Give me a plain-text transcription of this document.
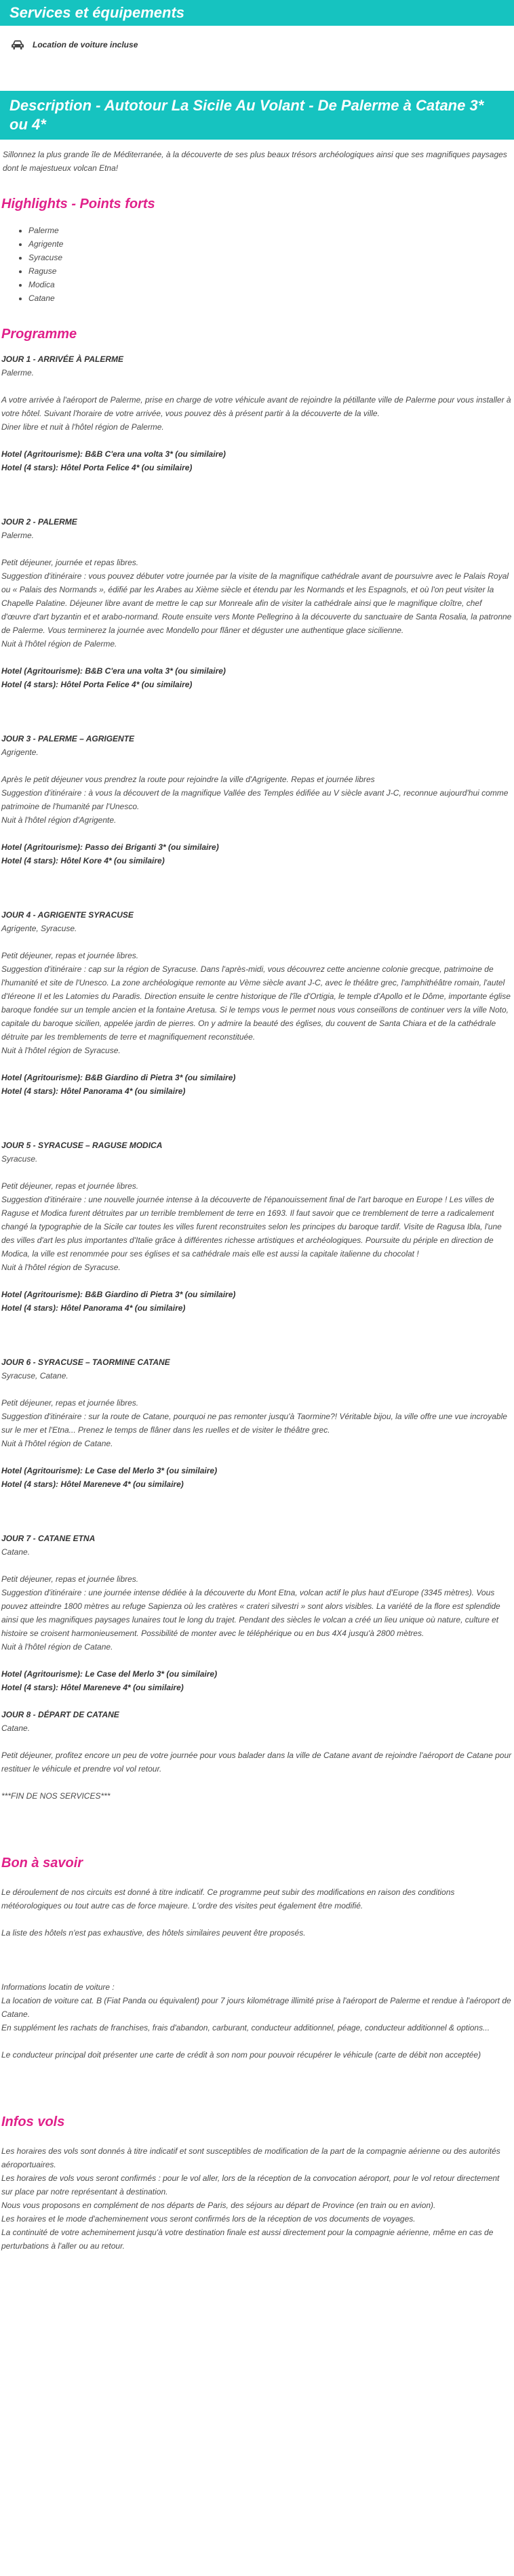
Services et équipements
Location de voiture incluse
Description - Autotour La Sicile Au Volant - De Palerme à Catane 3* ou 4*

Sillonnez la plus grande île de Méditerranée, à la découverte de ses plus beaux trésors archéologiques ainsi que ses magnifiques paysages dont le majestueux volcan Etna!

Highlights - Points forts
• Palerme
• Agrigente
• Syracuse
• Raguse
• Modica
• Catane
Programme

JOUR 1 - ARRIVÉE À PALERME

Palerme.

A votre arrivée à l'aéroport de Palerme, prise en charge de votre véhicule avant de rejoindre la pétillante ville de Palerme pour vous installer à votre hôtel. Suivant l'horaire de votre arrivée, vous pouvez dès à présent partir à la découverte de la ville.
Diner libre et nuit à l'hôtel région de Palerme.

Hotel (Agritourisme): B&B C'era una volta 3* (ou similaire)

Hotel (4 stars): Hôtel Porta Felice 4* (ou similaire)

JOUR 2 - PALERME

Palerme.

Petit déjeuner, journée et repas libres.
Suggestion d'itinéraire : vous pouvez débuter votre journée par la visite de la magnifique cathédrale avant de poursuivre avec le Palais Royal ou « Palais des Normands », édifié par les Arabes au Xième siècle et étendu par les Normands et les Espagnols, et où l'on peut visiter la Chapelle Palatine. Déjeuner libre avant de mettre le cap sur Monreale afin de visiter la cathédrale ainsi que le magnifique cloître, chef d'œuvre d'art byzantin et et arabo-normand. Route ensuite vers Monte Pellegrino à la découverte du sanctuaire de Santa Rosalia, la patronne de Palerme. Vous terminerez la journée avec Mondello pour flâner et déguster une authentique glace sicilienne.
Nuit à l'hôtel région de Palerme.

Hotel (Agritourisme): B&B C'era una volta 3* (ou similaire)

Hotel (4 stars): Hôtel Porta Felice 4* (ou similaire)

JOUR 3 - PALERME – AGRIGENTE

Agrigente.

Après le petit déjeuner vous prendrez la route pour rejoindre la ville d'Agrigente. Repas et journée libres
Suggestion d'itinéraire : à vous la découvert de la magnifique Vallée des Temples édifiée au V siècle avant J-C, reconnue aujourd'hui comme patrimoine de l'humanité par l'Unesco.
Nuit à l'hôtel région d'Agrigente.

Hotel (Agritourisme): Passo dei Briganti 3* (ou similaire)

Hotel (4 stars): Hôtel Kore 4* (ou similaire)

JOUR 4 - AGRIGENTE SYRACUSE

Agrigente, Syracuse.

Petit déjeuner, repas et journée libres.
Suggestion d'itinéraire : cap sur la région de Syracuse. Dans l'après-midi, vous découvrez cette ancienne colonie grecque, patrimoine de l'humanité et site de l'Unesco. La zone archéologique remonte au Vème siècle avant J-C, avec le théâtre grec, l'amphithéâtre romain, l'autel d'Iéreone II et les Latomies du Paradis. Direction ensuite le centre historique de l'île d'Ortigia, le temple d'Apollo et le Dôme, importante église baroque fondée sur un temple ancien et la fontaine Aretusa. Si le temps vous le permet nous vous conseillons de continuer vers la ville Noto, capitale du baroque sicilien, appelée jardin de pierres. On y admire la beauté des églises, du couvent de Santa Chiara et de la cathédrale détruite par les tremblements de terre et magnifiquement reconstituée.
Nuit à l'hôtel région de Syracuse.

Hotel (Agritourisme): B&B Giardino di Pietra 3* (ou similaire)

Hotel (4 stars): Hôtel Panorama 4* (ou similaire)

JOUR 5 - SYRACUSE – RAGUSE MODICA

Syracuse.

Petit déjeuner, repas et journée libres.
Suggestion d'itinéraire : une nouvelle journée intense à la découverte de l'épanouissement final de l'art baroque en Europe ! Les villes de Raguse et Modica furent détruites par un terrible tremblement de terre en 1693. Il faut savoir que ce tremblement de terre a radicalement changé la typographie de la Sicile car toutes les villes furent reconstruites selon les principes du baroque tardif. Visite de Ragusa Ibla, l'une des villes d'art les plus importantes d'Italie grâce à différentes richesse artistiques et archéologiques. Poursuite du périple en direction de Modica, la ville est renommée pour ses églises et sa cathédrale mais elle est aussi la capitale italienne du chocolat !
Nuit à l'hôtel région de Syracuse.

Hotel (Agritourisme): B&B Giardino di Pietra 3* (ou similaire)

Hotel (4 stars): Hôtel Panorama 4* (ou similaire)

JOUR 6 - SYRACUSE – TAORMINE CATANE

Syracuse, Catane.

Petit déjeuner, repas et journée libres.
Suggestion d'itinéraire : sur la route de Catane, pourquoi ne pas remonter jusqu'à Taormine?! Véritable bijou, la ville offre une vue incroyable sur le mer et l'Etna... Prenez le temps de flâner dans les ruelles et de visiter le théâtre grec.
Nuit à l'hôtel région de Catane.

Hotel (Agritourisme): Le Case del Merlo 3* (ou similaire)

Hotel (4 stars): Hôtel Mareneve 4* (ou similaire)

JOUR 7 - CATANE ETNA

Catane.

Petit déjeuner, repas et journée libres.
Suggestion d'itinéraire : une journée intense dédiée à la découverte du Mont Etna, volcan actif le plus haut d'Europe (3345 mètres). Vous pouvez atteindre 1800 mètres au refuge Sapienza où les cratères « crateri silvestri » sont alors visibles. La variété de la flore est splendide ainsi que les magnifiques paysages lunaires tout le long du trajet. Pendant des siècles le volcan a créé un lieu unique où nature, culture et histoire se croisent harmonieusement. Possibilité de monter avec le téléphérique ou en bus 4X4 jusqu'à 2800 mètres.
Nuit à l'hôtel région de Catane.

Hotel (Agritourisme): Le Case del Merlo 3* (ou similaire)

Hotel (4 stars): Hôtel Mareneve 4* (ou similaire)

JOUR 8 - DÉPART DE CATANE

Catane.

Petit déjeuner, profitez encore un peu de votre journée pour vous balader dans la ville de Catane avant de rejoindre l'aéroport de Catane pour restituer le véhicule et prendre vol vol retour.

***FIN DE NOS SERVICES***

Bon à savoir

Le déroulement de nos circuits est donné à titre indicatif. Ce programme peut subir des modifications en raison des conditions météorologiques ou tout autre cas de force majeure. L'ordre des visites peut également être modifié.

La liste des hôtels n'est pas exhaustive, des hôtels similaires peuvent être proposés.

Informations locatin de voiture :
La location de voiture cat. B (Fiat Panda ou équivalent) pour 7 jours kilométrage illimité prise à l'aéroport de Palerme et rendue à l'aéroport de Catane.
En supplément les rachats de franchises, frais d'abandon, carburant, conducteur additionnel, péage, conducteur additionnel & options...

Le conducteur principal doit présenter une carte de crédit à son nom pour pouvoir récupérer le véhicule (carte de débit non acceptée)

Infos vols

Les horaires des vols sont donnés à titre indicatif et sont susceptibles de modification de la part de la compagnie aérienne ou des autorités aéroportuaires.
Les horaires de vols vous seront confirmés : pour le vol aller, lors de la réception de la convocation aéroport, pour le vol retour directement sur place par notre représentant à destination.
Nous vous proposons en complément de nos départs de Paris, des séjours au départ de Province (en train ou en avion).
Les horaires et le mode d'acheminement vous seront confirmés lors de la réception de vos documents de voyages.
La continuité de votre acheminement jusqu'à votre destination finale est aussi directement pour la compagnie aérienne, même en cas de perturbations à l'aller ou au retour.
